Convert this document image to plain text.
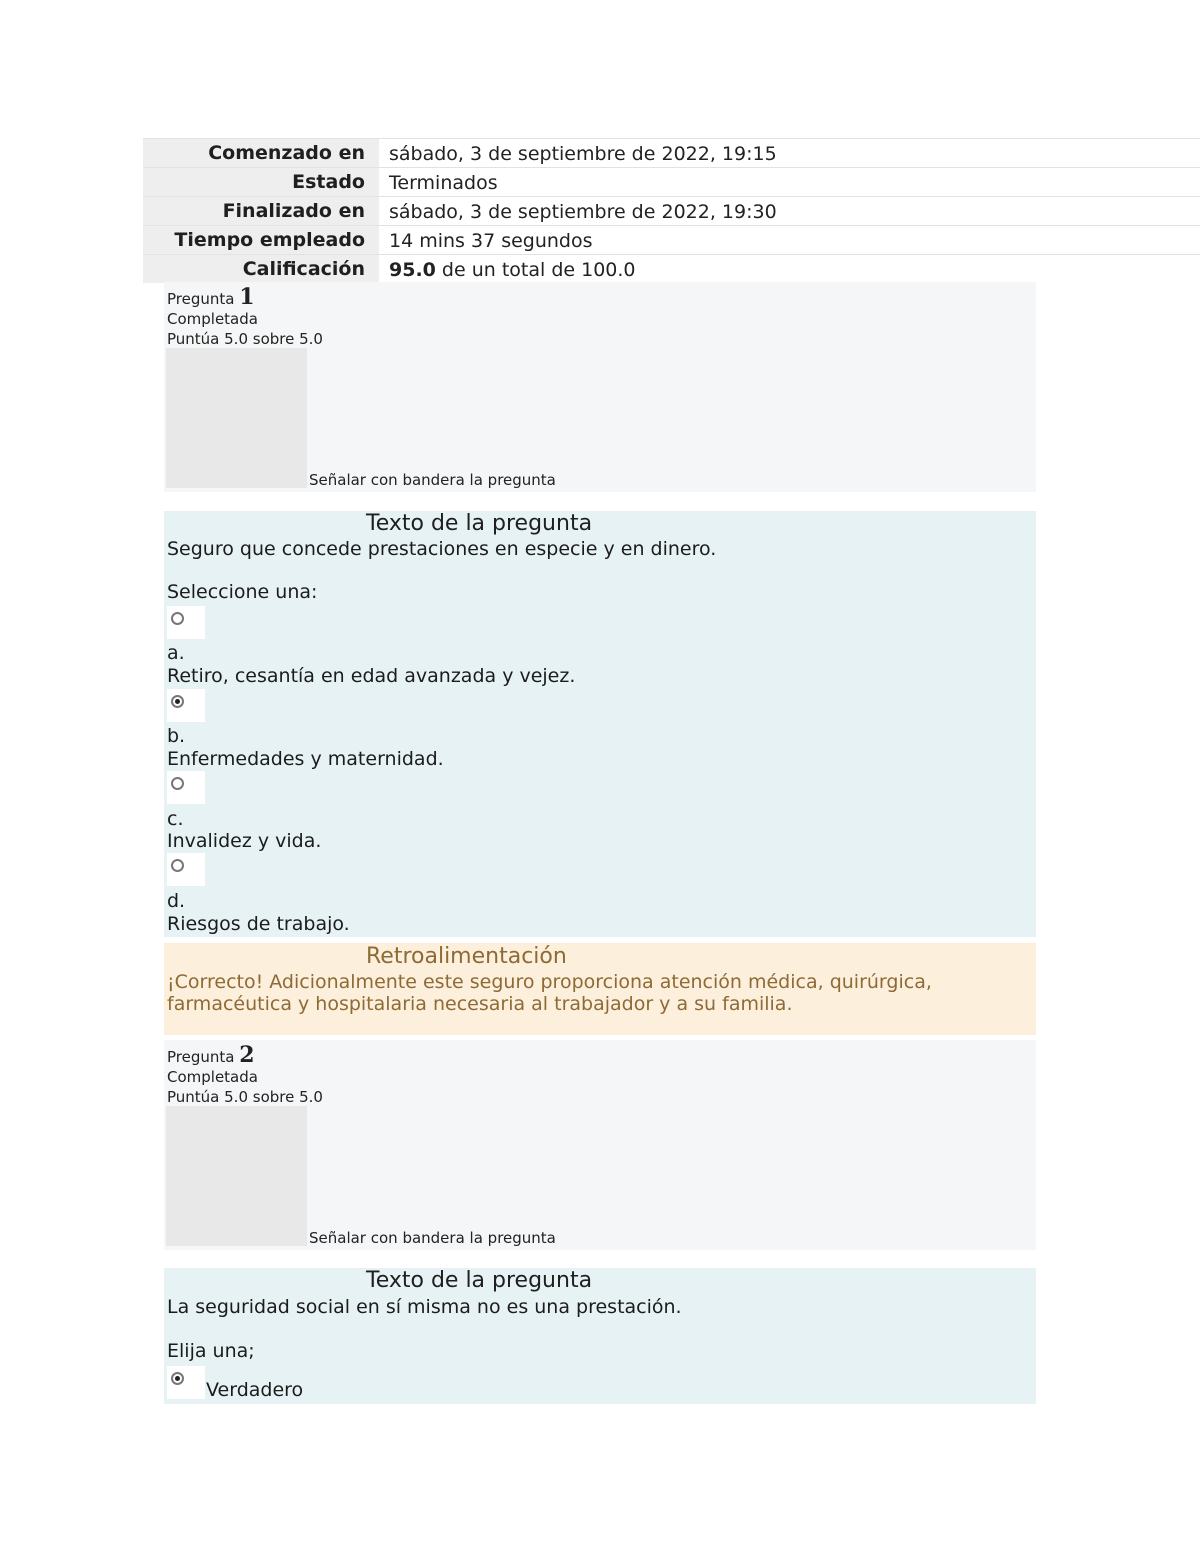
Comenzado en	sábado, 3 de septiembre de 2022, 19:15
Estado	Terminados
Finalizado en	sábado, 3 de septiembre de 2022, 19:30
Tiempo empleado	14 mins 37 segundos
Calificación	95.0 de un total de 100.0
Pregunta 1
Completada
Puntúa 5.0 sobre 5.0
Señalar con bandera la pregunta
Texto de la pregunta
Seguro que concede prestaciones en especie y en dinero.
Seleccione una:
a.
Retiro, cesantía en edad avanzada y vejez.
b.
Enfermedades y maternidad.
c.
Invalidez y vida.
d.
Riesgos de trabajo.
Retroalimentación
¡Correcto! Adicionalmente este seguro proporciona atención médica, quirúrgica, farmacéutica y hospitalaria necesaria al trabajador y a su familia.
Pregunta 2
Completada
Puntúa 5.0 sobre 5.0
Señalar con bandera la pregunta
Texto de la pregunta
La seguridad social en sí misma no es una prestación.
Elija una;
Verdadero
